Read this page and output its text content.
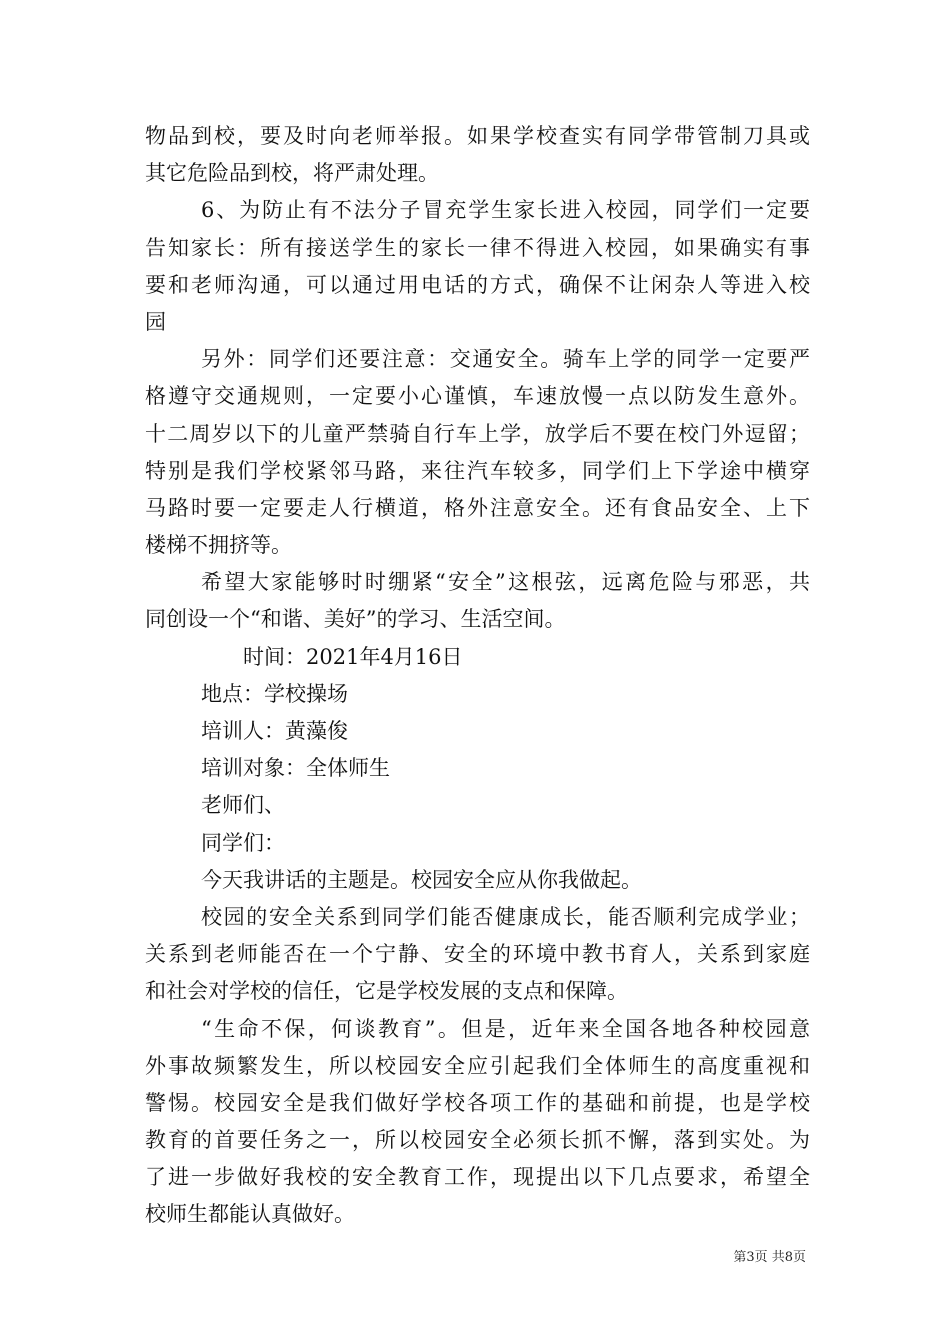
物品到校，要及时向老师举报。如果学校查实有同学带管制刀具或
其它危险品到校，将严肃处理。
6、为防止有不法分子冒充学生家长进入校园，同学们一定要
告知家长：所有接送学生的家长一律不得进入校园，如果确实有事
要和老师沟通，可以通过用电话的方式，确保不让闲杂人等进入校
园
另外：同学们还要注意：交通安全。骑车上学的同学一定要严
格遵守交通规则，一定要小心谨慎，车速放慢一点以防发生意外。
十二周岁以下的儿童严禁骑自行车上学，放学后不要在校门外逗留；
特别是我们学校紧邻马路，来往汽车较多，同学们上下学途中横穿
马路时要一定要走人行横道，格外注意安全。还有食品安全、上下
楼梯不拥挤等。
希望大家能够时时绷紧“安全”这根弦，远离危险与邪恶，共
同创设一个“和谐、美好”的学习、生活空间。
时间：2021年4月16日
地点：学校操场
培训人：黄藻俊
培训对象：全体师生
老师们、
同学们：
今天我讲话的主题是。校园安全应从你我做起。
校园的安全关系到同学们能否健康成长，能否顺利完成学业；
关系到老师能否在一个宁静、安全的环境中教书育人，关系到家庭
和社会对学校的信任，它是学校发展的支点和保障。
“生命不保，何谈教育”。但是，近年来全国各地各种校园意
外事故频繁发生，所以校园安全应引起我们全体师生的高度重视和
警惕。校园安全是我们做好学校各项工作的基础和前提，也是学校
教育的首要任务之一，所以校园安全必须长抓不懈，落到实处。为
了进一步做好我校的安全教育工作，现提出以下几点要求，希望全
校师生都能认真做好。
第3页 共8页
